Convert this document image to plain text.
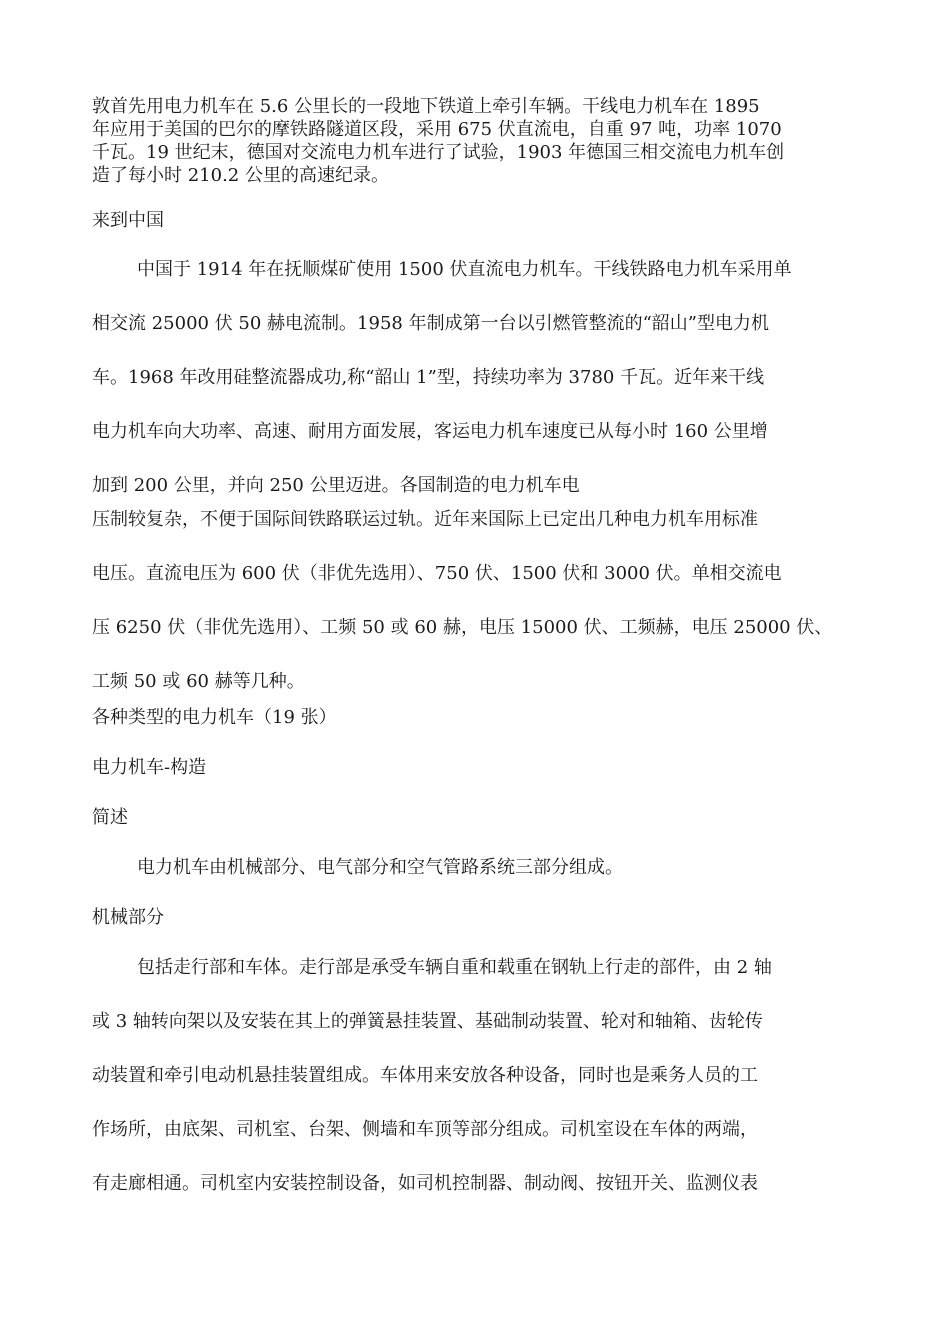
敦首先用电力机车在 5.6 公里长的一段地下铁道上牵引车辆。干线电力机车在 1895
年应用于美国的巴尔的摩铁路隧道区段，采用 675 伏直流电，自重 97 吨，功率 1070
千瓦。19 世纪末，德国对交流电力机车进行了试验，1903 年德国三相交流电力机车创
造了每小时 210.2 公里的高速纪录。

来到中国

中国于 1914 年在抚顺煤矿使用 1500 伏直流电力机车。干线铁路电力机车采用单
相交流 25000 伏 50 赫电流制。1958 年制成第一台以引燃管整流的“韶山”型电力机
车。1968 年改用硅整流器成功,称“韶山 1”型，持续功率为 3780 千瓦。近年来干线
电力机车向大功率、高速、耐用方面发展，客运电力机车速度已从每小时 160 公里增
加到 200 公里，并向 250 公里迈进。各国制造的电力机车电

压制较复杂，不便于国际间铁路联运过轨。近年来国际上已定出几种电力机车用标准
电压。直流电压为 600 伏（非优先选用）、750 伏、1500 伏和 3000 伏。单相交流电
压 6250 伏（非优先选用）、工频 50 或 60 赫，电压 15000 伏、工频赫，电压 25000 伏、
工频 50 或 60 赫等几种。

各种类型的电力机车（19 张）
电力机车-构造
简述
电力机车由机械部分、电气部分和空气管路系统三部分组成。
机械部分

包括走行部和车体。走行部是承受车辆自重和载重在钢轨上行走的部件，由 2 轴
或 3 轴转向架以及安装在其上的弹簧悬挂装置、基础制动装置、轮对和轴箱、齿轮传
动装置和牵引电动机悬挂装置组成。车体用来安放各种设备，同时也是乘务人员的工
作场所，由底架、司机室、台架、侧墙和车顶等部分组成。司机室设在车体的两端，
有走廊相通。司机室内安装控制设备，如司机控制器、制动阀、按钮开关、监测仪表
